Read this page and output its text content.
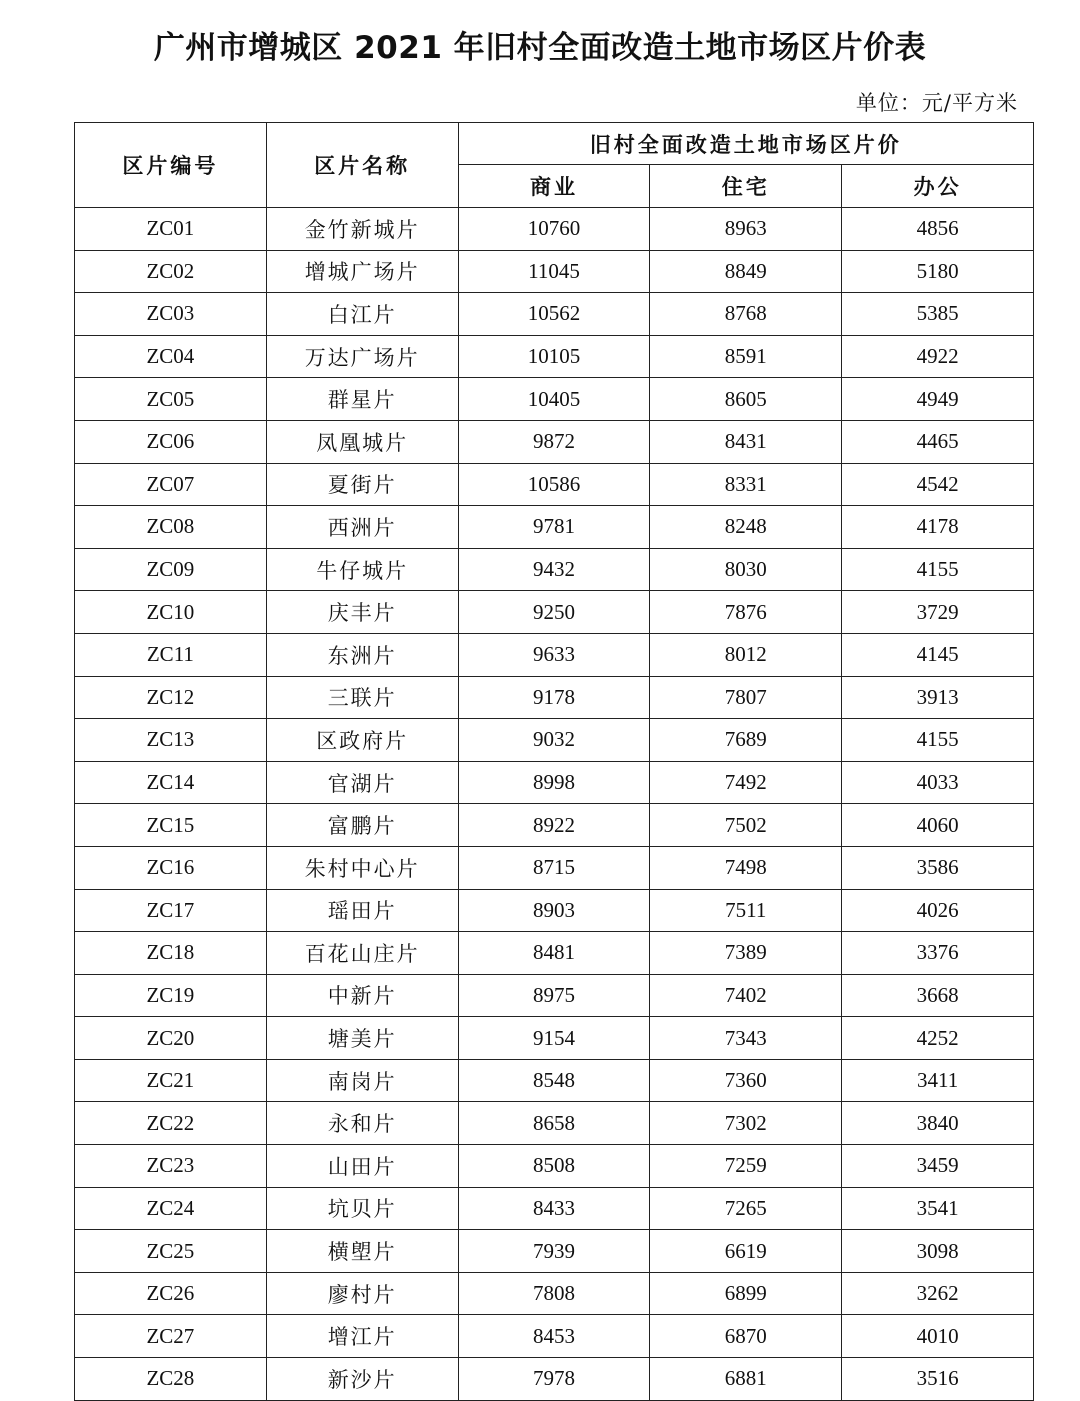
广州市增城区 2021 年旧村全面改造土地市场区片价表
单位：元/平方米
区片编号	区片名称	旧村全面改造土地市场区片价		
		商业	住宅	办公
ZC01	金竹新城片	10760	8963	4856
ZC02	增城广场片	11045	8849	5180
ZC03	白江片	10562	8768	5385
ZC04	万达广场片	10105	8591	4922
ZC05	群星片	10405	8605	4949
ZC06	凤凰城片	9872	8431	4465
ZC07	夏街片	10586	8331	4542
ZC08	西洲片	9781	8248	4178
ZC09	牛仔城片	9432	8030	4155
ZC10	庆丰片	9250	7876	3729
ZC11	东洲片	9633	8012	4145
ZC12	三联片	9178	7807	3913
ZC13	区政府片	9032	7689	4155
ZC14	官湖片	8998	7492	4033
ZC15	富鹏片	8922	7502	4060
ZC16	朱村中心片	8715	7498	3586
ZC17	瑶田片	8903	7511	4026
ZC18	百花山庄片	8481	7389	3376
ZC19	中新片	8975	7402	3668
ZC20	塘美片	9154	7343	4252
ZC21	南岗片	8548	7360	3411
ZC22	永和片	8658	7302	3840
ZC23	山田片	8508	7259	3459
ZC24	坑贝片	8433	7265	3541
ZC25	横塱片	7939	6619	3098
ZC26	廖村片	7808	6899	3262
ZC27	增江片	8453	6870	4010
ZC28	新沙片	7978	6881	3516
